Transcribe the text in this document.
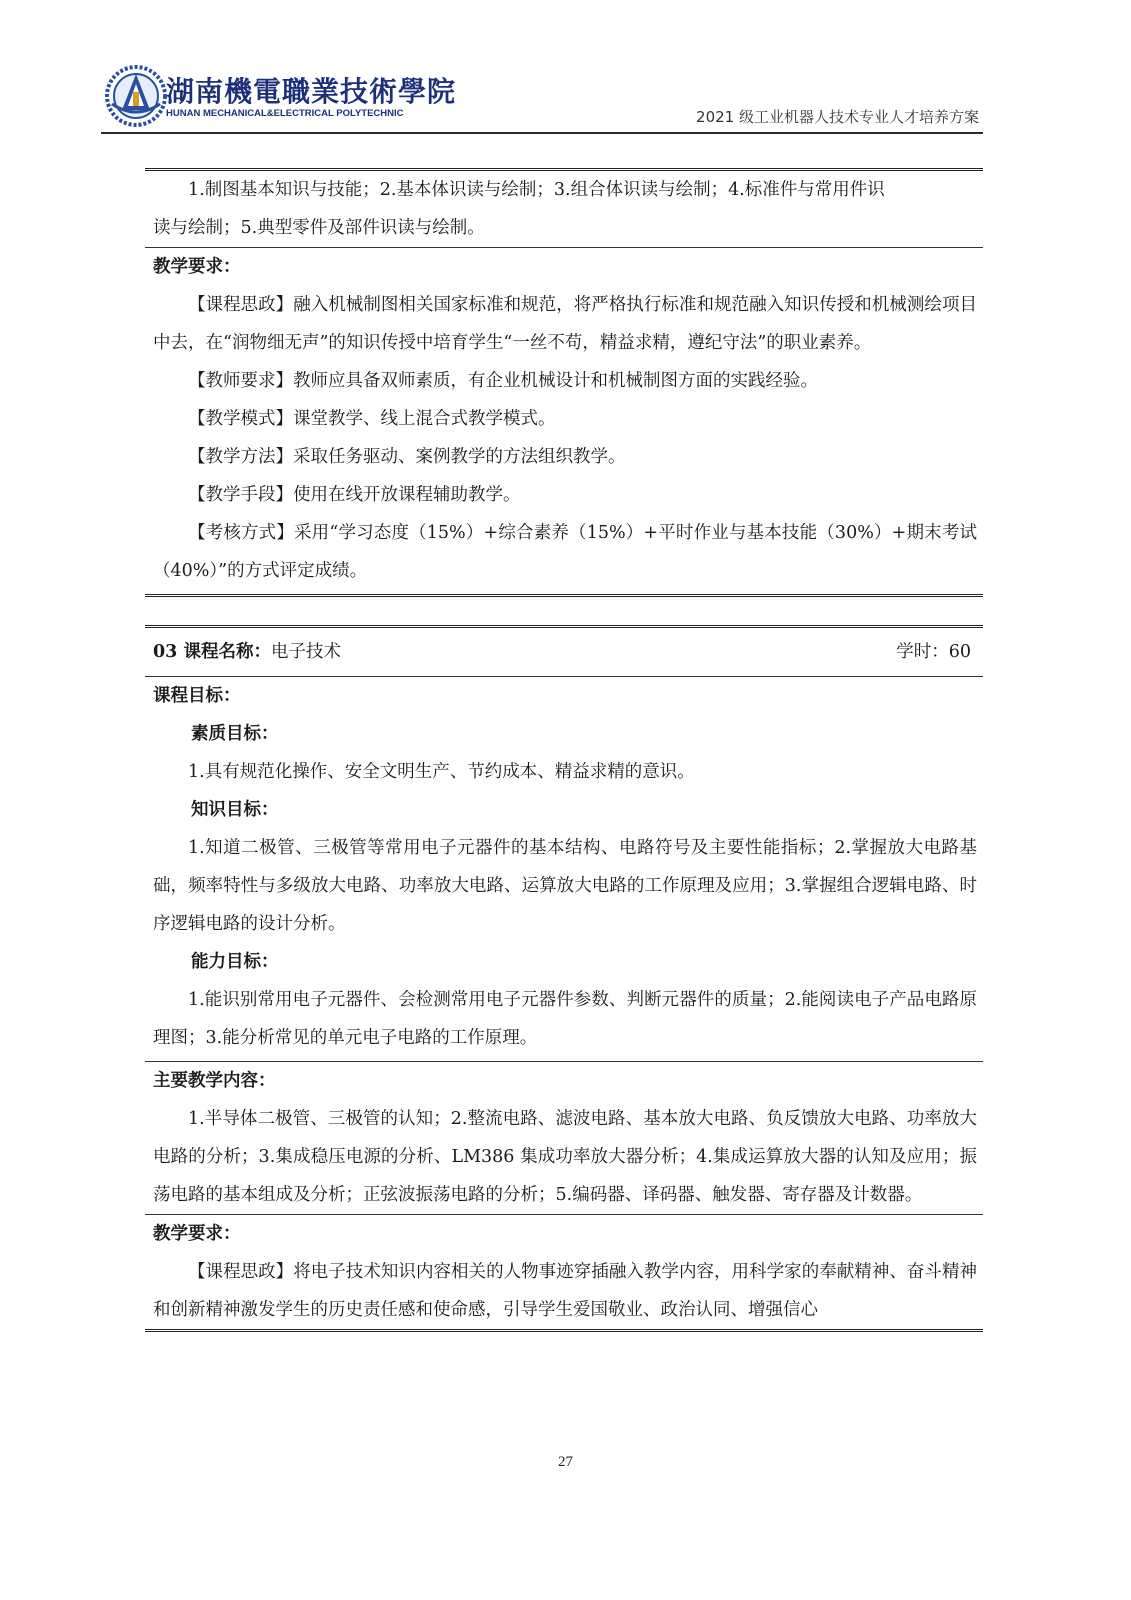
湖南機電職業技術學院
HUNAN MECHANICAL&ELECTRICAL POLYTECHNIC	2021 级工业机器人技术专业人才培养方案
1.制图基本知识与技能；2.基本体识读与绘制；3.组合体识读与绘制；4.标准件与常用件识
读与绘制；5.典型零件及部件识读与绘制。
教学要求：
【课程思政】融入机械制图相关国家标准和规范，将严格执行标准和规范融入知识传授和机械测绘项目中去，在“润物细无声”的知识传授中培育学生“一丝不苟，精益求精，遵纪守法”的职业素养。
【教师要求】教师应具备双师素质，有企业机械设计和机械制图方面的实践经验。
【教学模式】课堂教学、线上混合式教学模式。
【教学方法】采取任务驱动、案例教学的方法组织教学。
【教学手段】使用在线开放课程辅助教学。
【考核方式】采用“学习态度（15%）+综合素养（15%）+平时作业与基本技能（30%）+期末考试（40%）”的方式评定成绩。
03 课程名称：电子技术	学时：60
课程目标：
素质目标：
1.具有规范化操作、安全文明生产、节约成本、精益求精的意识。
知识目标：
1.知道二极管、三极管等常用电子元器件的基本结构、电路符号及主要性能指标；2.掌握放大电路基础，频率特性与多级放大电路、功率放大电路、运算放大电路的工作原理及应用；3.掌握组合逻辑电路、时序逻辑电路的设计分析。
能力目标：
1.能识别常用电子元器件、会检测常用电子元器件参数、判断元器件的质量；2.能阅读电子产品电路原理图；3.能分析常见的单元电子电路的工作原理。
主要教学内容：
1.半导体二极管、三极管的认知；2.整流电路、滤波电路、基本放大电路、负反馈放大电路、功率放大电路的分析；3.集成稳压电源的分析、LM386 集成功率放大器分析；4.集成运算放大器的认知及应用；振荡电路的基本组成及分析；正弦波振荡电路的分析；5.编码器、译码器、触发器、寄存器及计数器。
教学要求：
【课程思政】将电子技术知识内容相关的人物事迹穿插融入教学内容，用科学家的奉献精神、奋斗精神和创新精神激发学生的历史责任感和使命感，引导学生爱国敬业、政治认同、增强信心
27
